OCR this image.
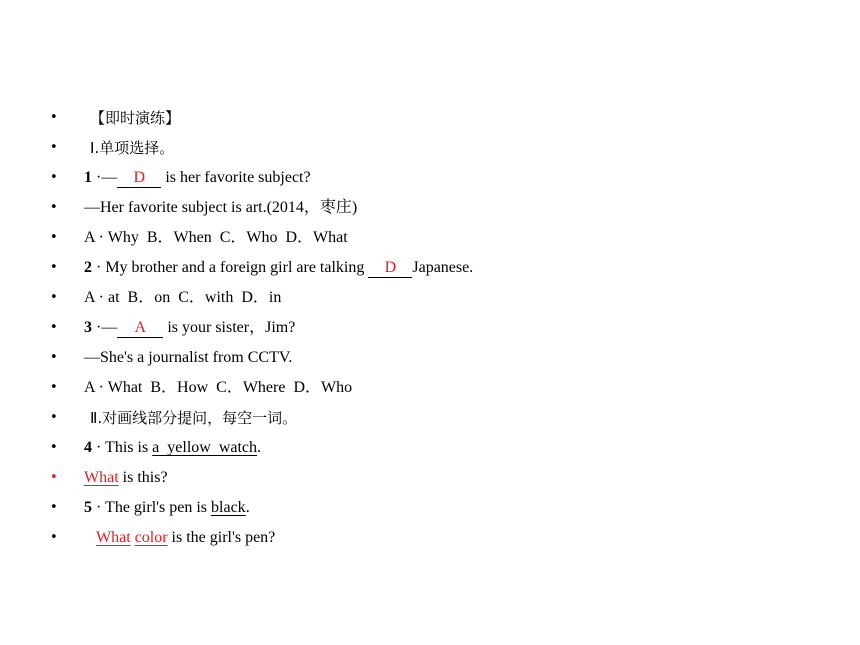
• 【即时演练】
• Ⅰ.单项选择。
• 1 ·— D is her favorite subject?
• —Her favorite subject is art.(2014，枣庄)
• A · Why  B．When  C．Who  D．What
• 2 · My brother and a foreign girl are talking D Japanese.
• A · at  B．on  C．with  D．in
• 3 ·— A is your sister，Jim?
• —She's a journalist from CCTV.
• A · What  B．How  C．Where  D．Who
• Ⅱ.对画线部分提问，每空一词。
• 4 · This is a  yellow  watch.
• What is this?
• 5 · The girl's pen is black.
• What color is the girl's pen?
